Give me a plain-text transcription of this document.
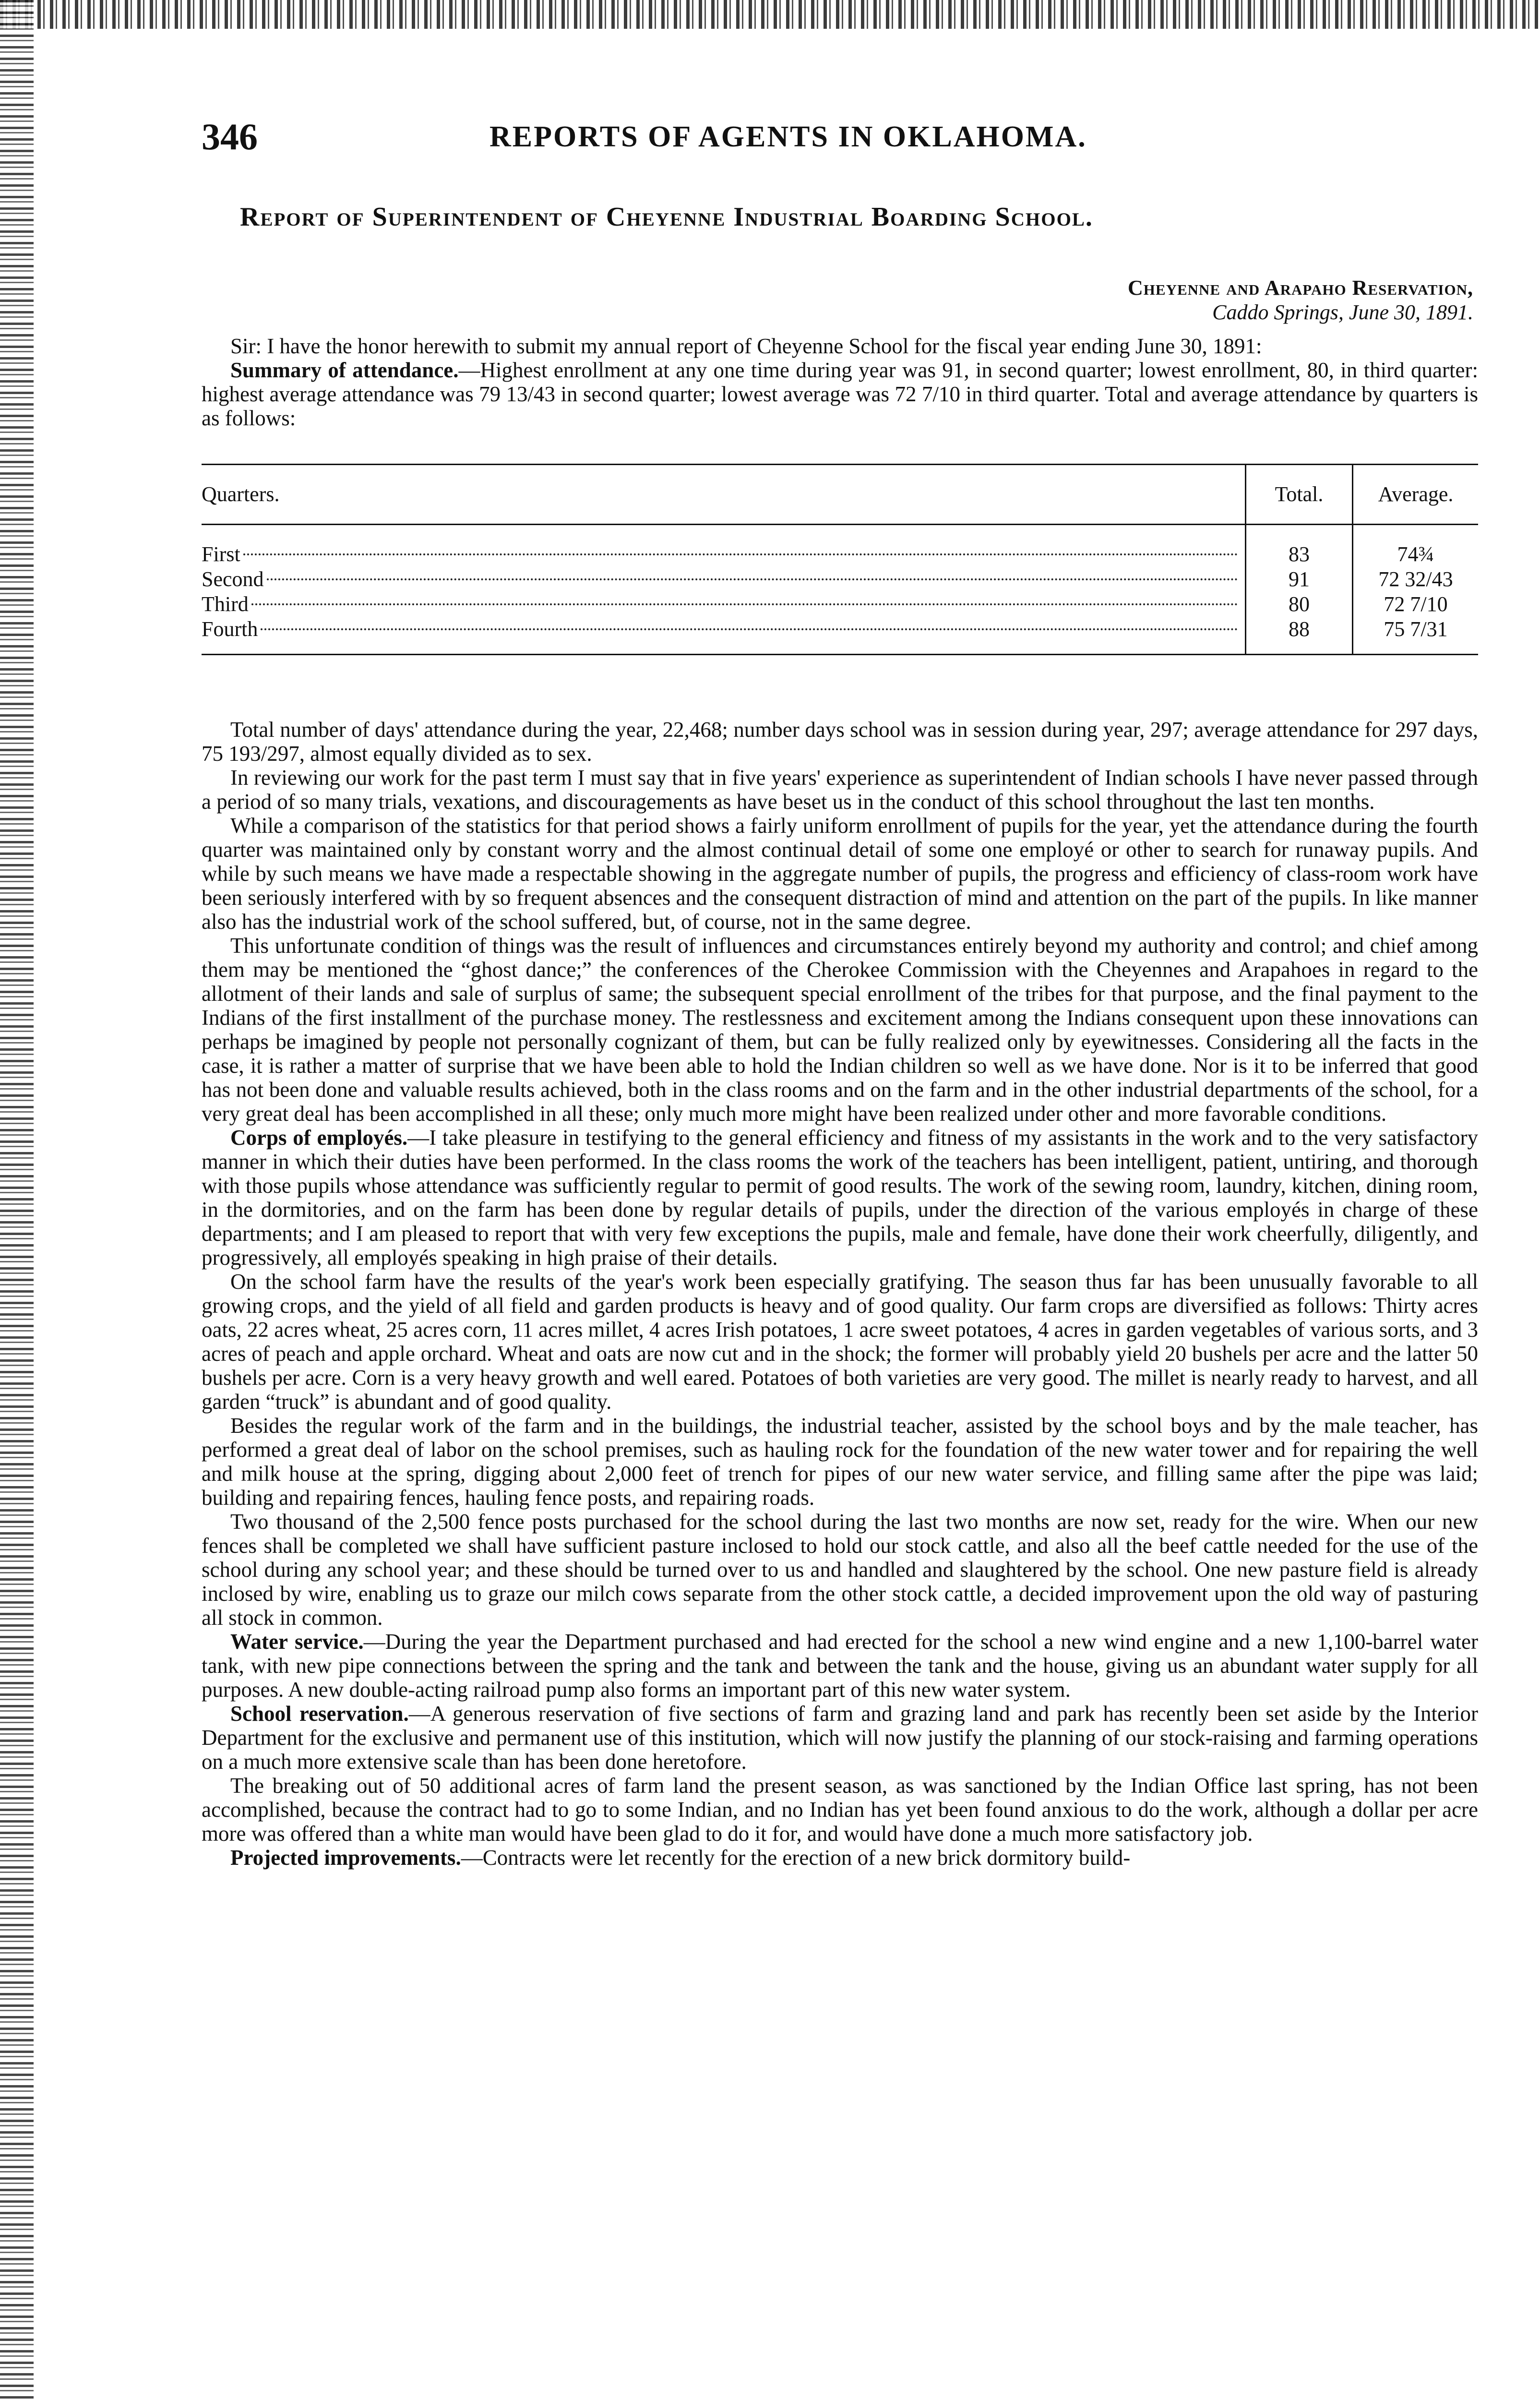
346	REPORTS OF AGENTS IN OKLAHOMA.
Report of Superintendent of Cheyenne Industrial Boarding School.
Cheyenne and Arapaho Reservation,
Caddo Springs, June 30, 1891.

Sir: I have the honor herewith to submit my annual report of Cheyenne School for the fiscal year ending June 30, 1891:

Summary of attendance.—Highest enrollment at any one time during year was 91, in second quarter; lowest enrollment, 80, in third quarter: highest average attendance was 79 13/43 in second quarter; lowest average was 72 7/10 in third quarter. Total and average attendance by quarters is as follows:

Quarters.	Total.	Average.

First	83	74¾

Second	91	72 32/43

Third	80	72 7/10

Fourth	88	75 7/31

Total number of days' attendance during the year, 22,468; number days school was in session during year, 297; average attendance for 297 days, 75 193/297, almost equally divided as to sex.

In reviewing our work for the past term I must say that in five years' experience as superintendent of Indian schools I have never passed through a period of so many trials, vexations, and discouragements as have beset us in the conduct of this school throughout the last ten months.

While a comparison of the statistics for that period shows a fairly uniform enrollment of pupils for the year, yet the attendance during the fourth quarter was maintained only by constant worry and the almost continual detail of some one employé or other to search for runaway pupils. And while by such means we have made a respectable showing in the aggregate number of pupils, the progress and efficiency of class-room work have been seriously interfered with by so frequent absences and the consequent distraction of mind and attention on the part of the pupils. In like manner also has the industrial work of the school suffered, but, of course, not in the same degree.

This unfortunate condition of things was the result of influences and circumstances entirely beyond my authority and control; and chief among them may be mentioned the “ghost dance;” the conferences of the Cherokee Commission with the Cheyennes and Arapahoes in regard to the allotment of their lands and sale of surplus of same; the subsequent special enrollment of the tribes for that purpose, and the final payment to the Indians of the first installment of the purchase money. The restlessness and excitement among the Indians consequent upon these innovations can perhaps be imagined by people not personally cognizant of them, but can be fully realized only by eyewitnesses. Considering all the facts in the case, it is rather a matter of surprise that we have been able to hold the Indian children so well as we have done. Nor is it to be inferred that good has not been done and valuable results achieved, both in the class rooms and on the farm and in the other industrial departments of the school, for a very great deal has been accomplished in all these; only much more might have been realized under other and more favorable conditions.

Corps of employés.—I take pleasure in testifying to the general efficiency and fitness of my assistants in the work and to the very satisfactory manner in which their duties have been performed. In the class rooms the work of the teachers has been intelligent, patient, untiring, and thorough with those pupils whose attendance was sufficiently regular to permit of good results. The work of the sewing room, laundry, kitchen, dining room, in the dormitories, and on the farm has been done by regular details of pupils, under the direction of the various employés in charge of these departments; and I am pleased to report that with very few exceptions the pupils, male and female, have done their work cheerfully, diligently, and progressively, all employés speaking in high praise of their details.

On the school farm have the results of the year's work been especially gratifying. The season thus far has been unusually favorable to all growing crops, and the yield of all field and garden products is heavy and of good quality. Our farm crops are diversified as follows: Thirty acres oats, 22 acres wheat, 25 acres corn, 11 acres millet, 4 acres Irish potatoes, 1 acre sweet potatoes, 4 acres in garden vegetables of various sorts, and 3 acres of peach and apple orchard. Wheat and oats are now cut and in the shock; the former will probably yield 20 bushels per acre and the latter 50 bushels per acre. Corn is a very heavy growth and well eared. Potatoes of both varieties are very good. The millet is nearly ready to harvest, and all garden “truck” is abundant and of good quality.

Besides the regular work of the farm and in the buildings, the industrial teacher, assisted by the school boys and by the male teacher, has performed a great deal of labor on the school premises, such as hauling rock for the foundation of the new water tower and for repairing the well and milk house at the spring, digging about 2,000 feet of trench for pipes of our new water service, and filling same after the pipe was laid; building and repairing fences, hauling fence posts, and repairing roads.

Two thousand of the 2,500 fence posts purchased for the school during the last two months are now set, ready for the wire. When our new fences shall be completed we shall have sufficient pasture inclosed to hold our stock cattle, and also all the beef cattle needed for the use of the school during any school year; and these should be turned over to us and handled and slaughtered by the school. One new pasture field is already inclosed by wire, enabling us to graze our milch cows separate from the other stock cattle, a decided improvement upon the old way of pasturing all stock in common.

Water service.—During the year the Department purchased and had erected for the school a new wind engine and a new 1,100-barrel water tank, with new pipe connections between the spring and the tank and between the tank and the house, giving us an abundant water supply for all purposes. A new double-acting railroad pump also forms an important part of this new water system.

School reservation.—A generous reservation of five sections of farm and grazing land and park has recently been set aside by the Interior Department for the exclusive and permanent use of this institution, which will now justify the planning of our stock-raising and farming operations on a much more extensive scale than has been done heretofore.

The breaking out of 50 additional acres of farm land the present season, as was sanctioned by the Indian Office last spring, has not been accomplished, because the contract had to go to some Indian, and no Indian has yet been found anxious to do the work, although a dollar per acre more was offered than a white man would have been glad to do it for, and would have done a much more satisfactory job.

Projected improvements.—Contracts were let recently for the erection of a new brick dormitory build-
